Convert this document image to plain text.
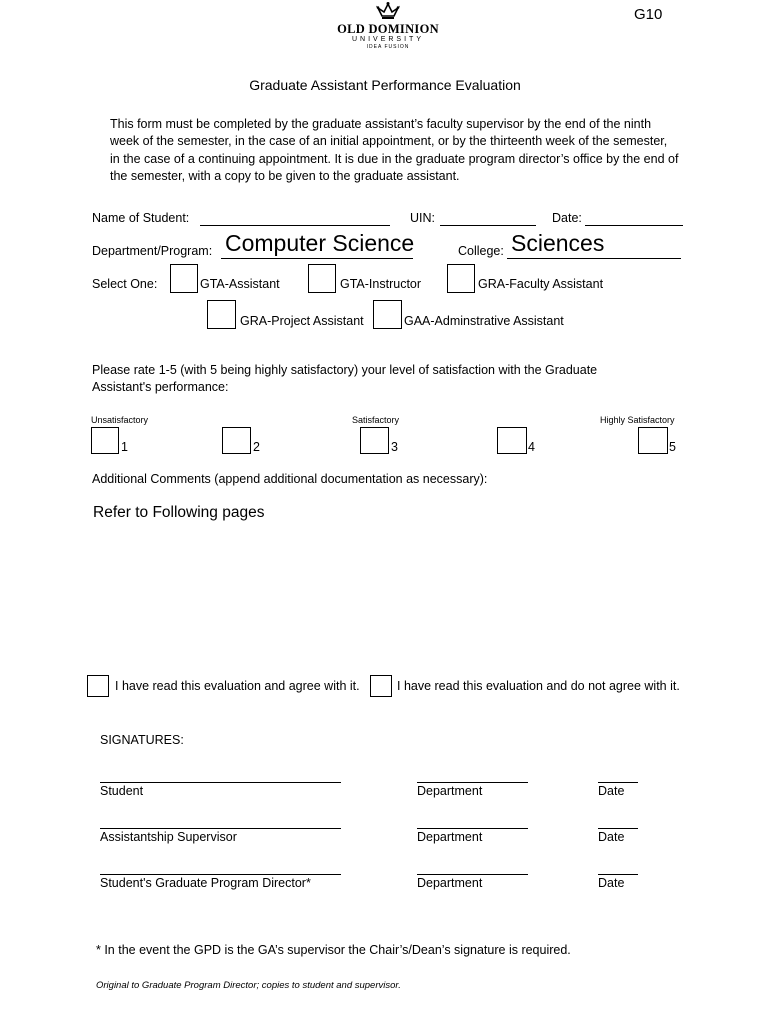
G10
OLD DOMINION
UNIVERSITY
IDEA FUSION
Graduate Assistant Performance Evaluation
This form must be completed by the graduate assistant’s faculty supervisor by the end of the ninth week of the semester, in the case of an initial appointment, or by the thirteenth week of the semester, in the case of a continuing appointment. It is due in the graduate program director’s office by the end of the semester, with a copy to be given to the graduate assistant.
Name of Student:	UIN:	Date:
Department/Program: Computer Science	College: Sciences
Select One:	GTA-Assistant	GTA-Instructor	GRA-Faculty Assistant
GRA-Project Assistant	GAA-Adminstrative Assistant
Please rate 1-5 (with 5 being highly satisfactory) your level of satisfaction with the Graduate
Assistant's performance:
Unsatisfactory	Satisfactory	Highly Satisfactory
1	2	3	4	5
Additional Comments (append additional documentation as necessary):
Refer to Following pages
I have read this evaluation and agree with it.	I have read this evaluation and do not agree with it.
SIGNATURES:
Student	Department	Date
Assistantship Supervisor	Department	Date
Student's Graduate Program Director*	Department	Date
* In the event the GPD is the GA’s supervisor the Chair’s/Dean’s signature is required.
Original to Graduate Program Director; copies to student and supervisor.
